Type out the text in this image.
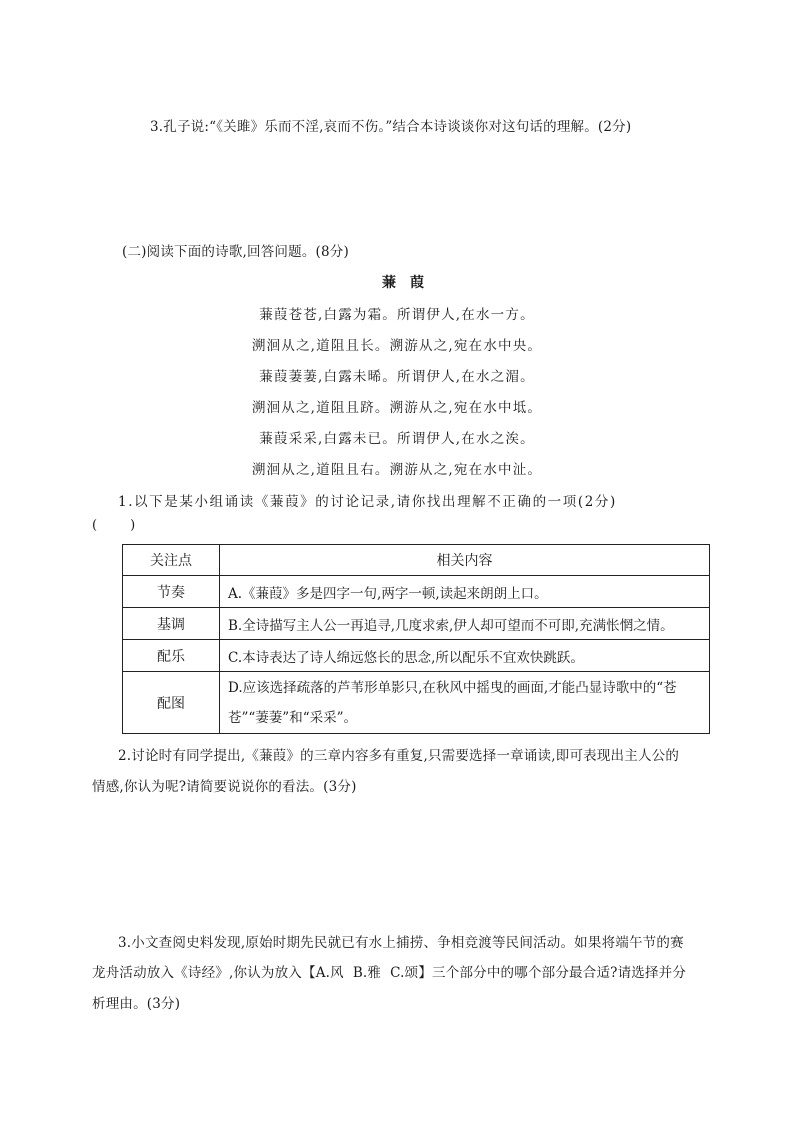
3.孔子说:“《关雎》乐而不淫,哀而不伤。”结合本诗谈谈你对这句话的理解。(2分)
(二)阅读下面的诗歌,回答问题。(8分)
蒹葭
蒹葭苍苍,白露为霜。所谓伊人,在水一方。
溯洄从之,道阻且长。溯游从之,宛在水中央。
蒹葭萋萋,白露未晞。所谓伊人,在水之湄。
溯洄从之,道阻且跻。溯游从之,宛在水中坻。
蒹葭采采,白露未已。所谓伊人,在水之涘。
溯洄从之,道阻且右。溯游从之,宛在水中沚。
1.以下是某小组诵读《蒹葭》的讨论记录,请你找出理解不正确的一项(2分)
(        )
关注点	相关内容
节奏	A.《蒹葭》多是四字一句,两字一顿,读起来朗朗上口。
基调	B.全诗描写主人公一再追寻,几度求索,伊人却可望而不可即,充满怅惘之情。
配乐	C.本诗表达了诗人绵远悠长的思念,所以配乐不宜欢快跳跃。
配图	D.应该选择疏落的芦苇形单影只,在秋风中摇曳的画面,才能凸显诗歌中的“苍
苍”“萋萋”和“采采”。
2.讨论时有同学提出,《蒹葭》的三章内容多有重复,只需要选择一章诵读,即可表现出主人公的
情感,你认为呢?请简要说说你的看法。(3分)
3.小文查阅史料发现,原始时期先民就已有水上捕捞、争相竞渡等民间活动。如果将端午节的赛
龙舟活动放入《诗经》,你认为放入【A.风  B.雅  C.颂】三个部分中的哪个部分最合适?请选择并分
析理由。(3分)
